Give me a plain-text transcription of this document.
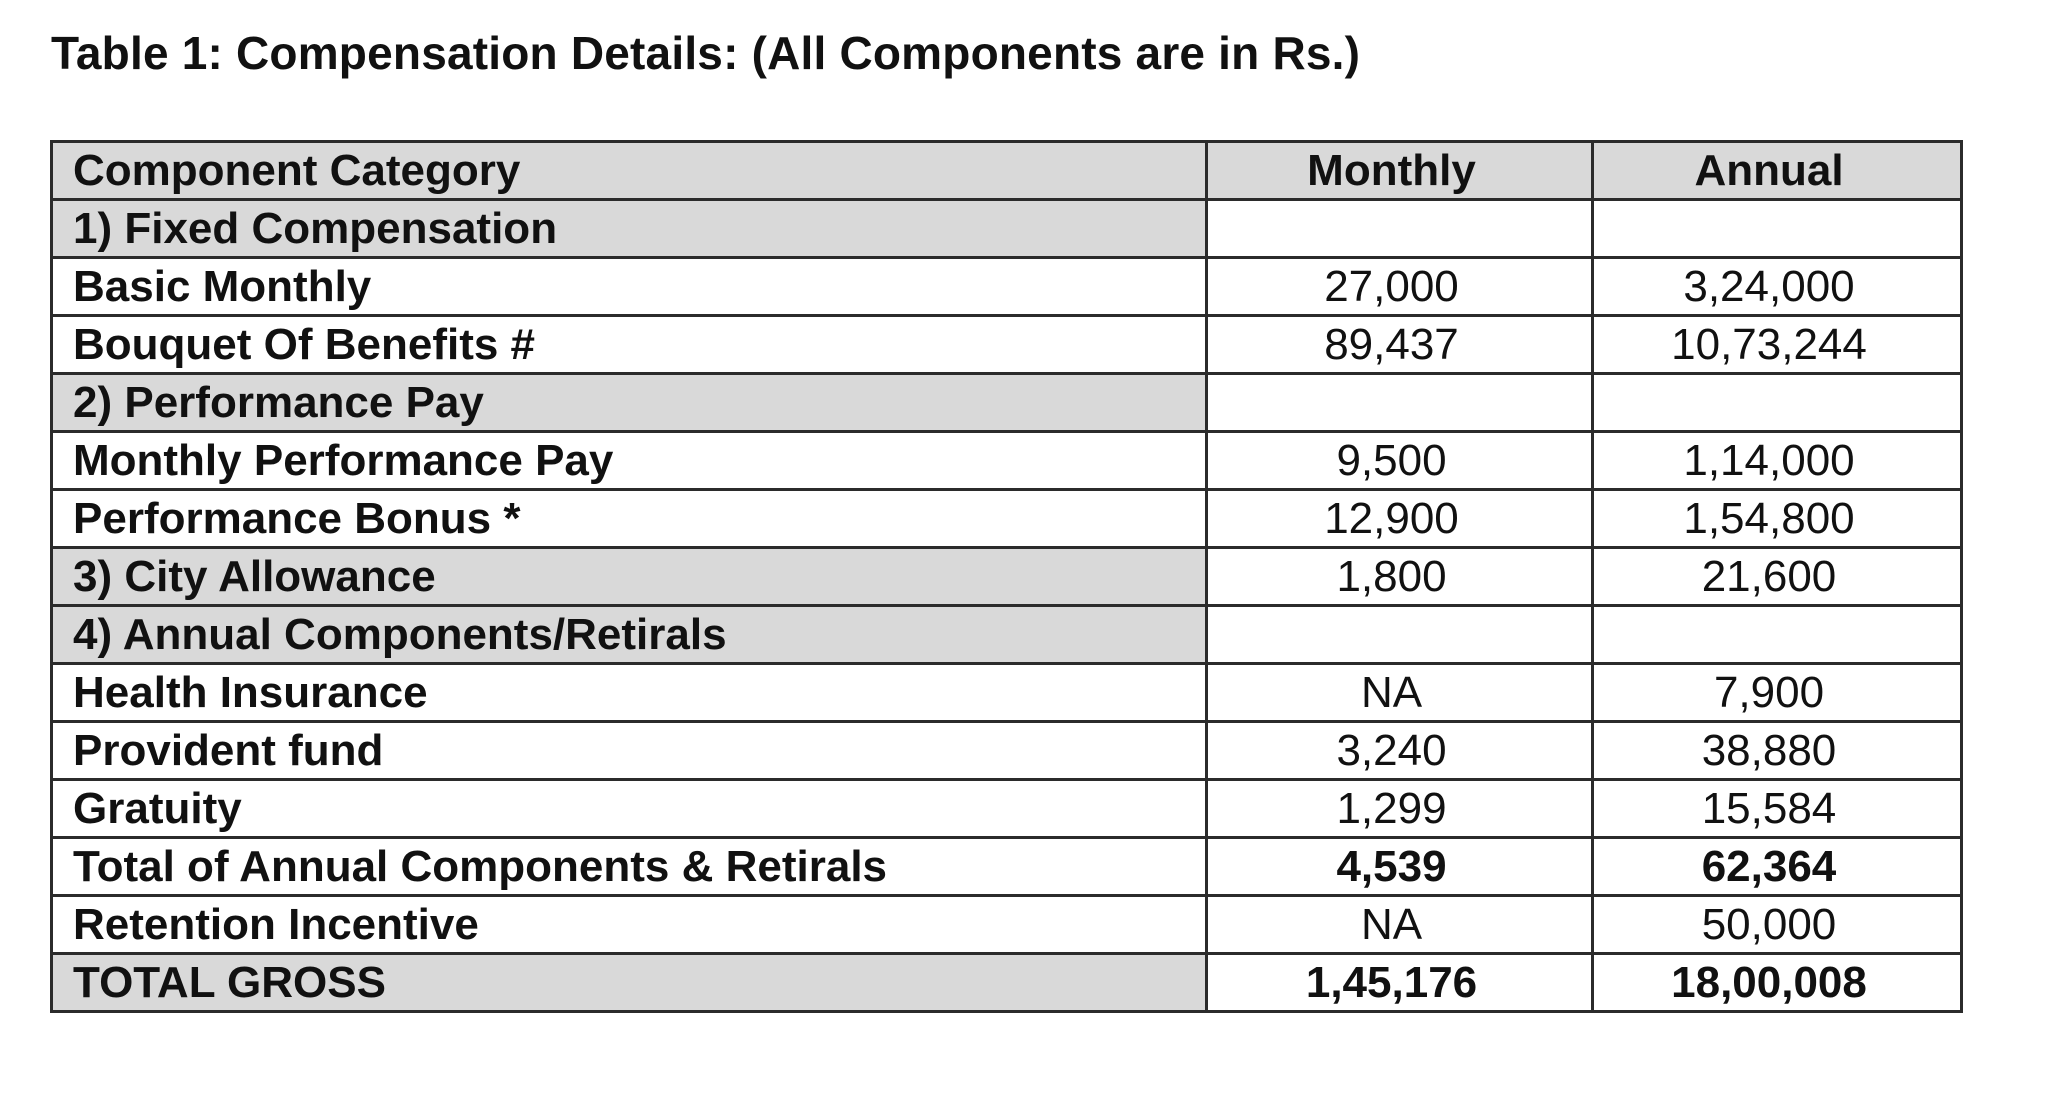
Table 1: Compensation Details: (All Components are in Rs.)
Component Category	Monthly	Annual
1) Fixed Compensation		
Basic Monthly	27,000	3,24,000
Bouquet Of Benefits #	89,437	10,73,244
2) Performance Pay		
Monthly Performance Pay	9,500	1,14,000
Performance Bonus *	12,900	1,54,800
3) City Allowance	1,800	21,600
4) Annual Components/Retirals		
Health Insurance	NA	7,900
Provident fund	3,240	38,880
Gratuity	1,299	15,584
Total of Annual Components & Retirals	4,539	62,364
Retention Incentive	NA	50,000
TOTAL GROSS	1,45,176	18,00,008
